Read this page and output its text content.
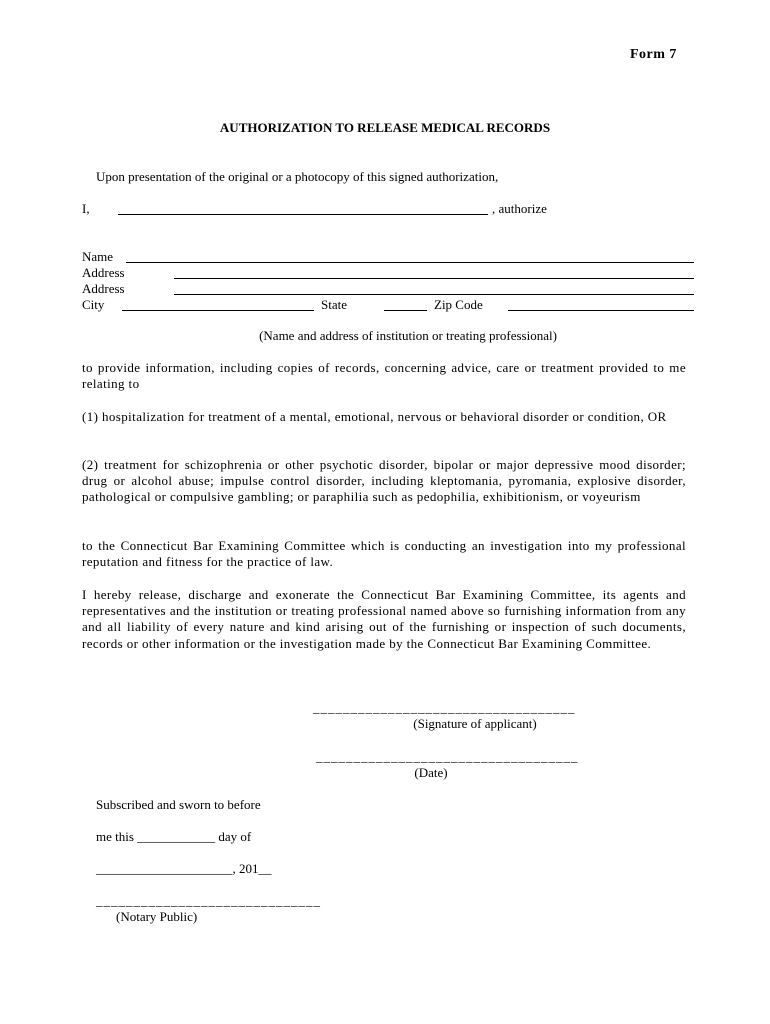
Form 7
AUTHORIZATION TO RELEASE MEDICAL RECORDS
Upon presentation of the original or a photocopy of this signed authorization,
I,	, authorize
Name
Address
Address
City	State	Zip Code
(Name and address of institution or treating professional)
to provide information, including copies of records, concerning advice, care or treatment provided to me relating to
(1) hospitalization for treatment of a mental, emotional, nervous or behavioral disorder or condition, OR
(2) treatment for schizophrenia or other psychotic disorder, bipolar or major depressive mood disorder; drug or alcohol abuse; impulse control disorder, including kleptomania, pyromania, explosive disorder, pathological or compulsive gambling; or paraphilia such as pedophilia, exhibitionism, or voyeurism
to the Connecticut Bar Examining Committee which is conducting an investigation into my professional reputation and fitness for the practice of law.
I hereby release, discharge and exonerate the Connecticut Bar Examining Committee, its agents and representatives and the institution or treating professional named above so furnishing information from any and all liability of every nature and kind arising out of the furnishing or inspection of such documents, records or other information or the investigation made by the Connecticut Bar Examining Committee.
___________________________________
(Signature of applicant)
___________________________________
(Date)
Subscribed and sworn to before
me this ____________ day of
_____________________, 201__
______________________________
(Notary Public)
